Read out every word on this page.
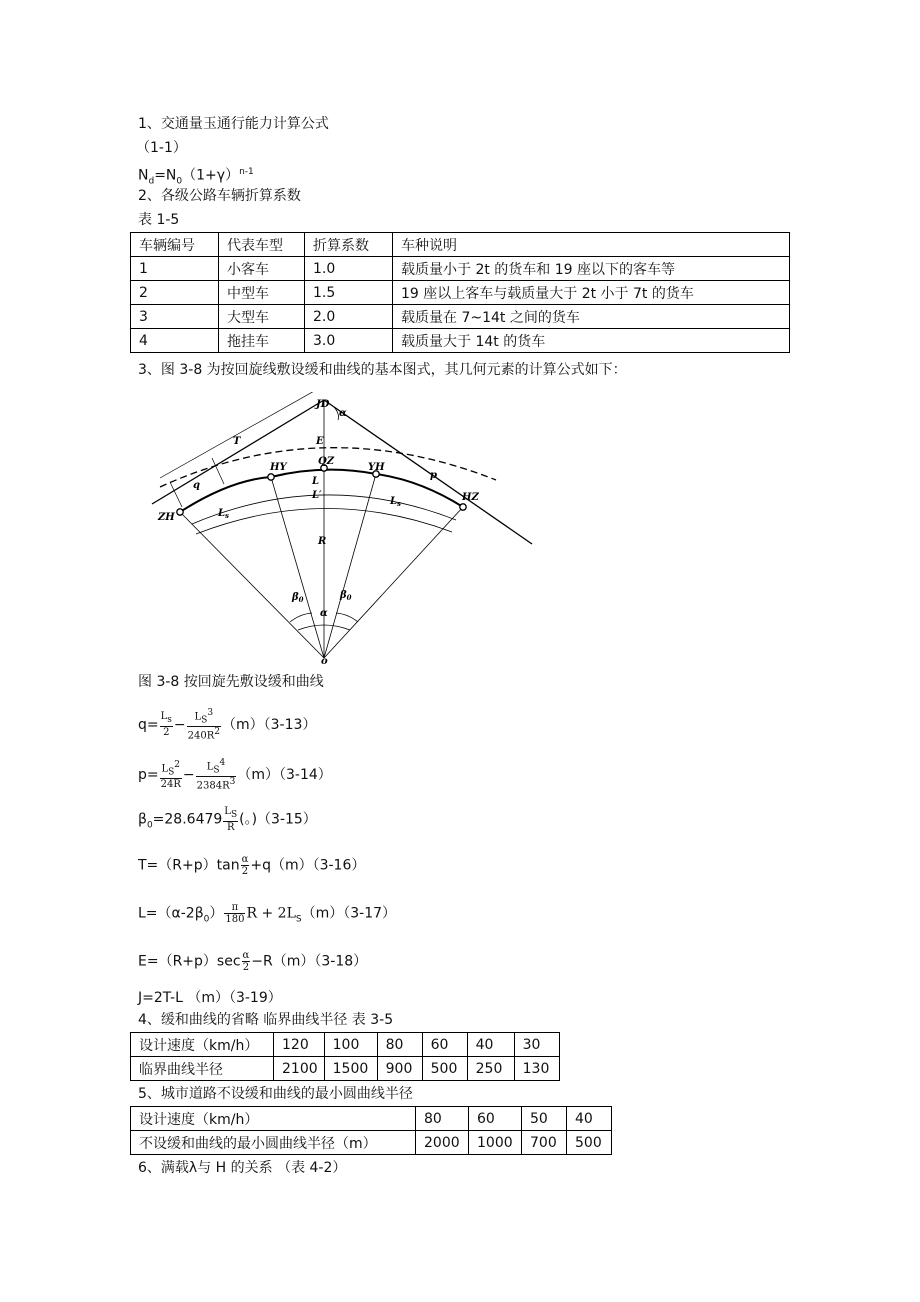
1、交通量玉通行能力计算公式
（1-1）
$N_d=N_0(1+\gamma)^{n-1}$
2、各级公路车辆折算系数
表 1-5
车辆编号	代表车型	折算系数	车种说明
1	小客车	1.0	载质量小于 2t 的货车和 19 座以下的客车等
2	中型车	1.5	19 座以上客车与载质量大于 2t 小于 7t 的货车
3	大型车	2.0	载质量在 7~14t 之间的货车
4	拖挂车	3.0	载质量大于 14t 的货车
3、图 3-8 为按回旋线敷设缓和曲线的基本图式，其几何元素的计算公式如下：
JD
α
T	E
q
HY
QZ
YH
p
ZH
HZ
$L_s$
$L_s$
L
L′
R
$\beta_0$	$\beta_0$
α
o
图 3-8 按回旋先敷设缓和曲线
$q= \frac{L_s}{2} - \frac{L_S^3}{240R^2} (m)(3-13)$
$p= \frac{L_S^2}{24R} - \frac{L_S^4}{2384R^3} (m)(3-14)$
$\beta_0=28.6479 \frac{L_S}{R}$ (。)（3-15）
$T=(R+p)\tan \frac{\alpha}{2} +q(m)(3-16)$
$L=(\alpha-2\beta_0) \frac{\pi}{180}$ $R + 2L_S(m)(3-17)$
$E=(R+p)\sec \frac{\alpha}{2} -R(m)(3-18)$
J=2T-L （m）（3-19）
4、缓和曲线的省略 临界曲线半径 表 3-5
设计速度（km/h）	120	100	80	60	40	30
临界曲线半径	2100	1500	900	500	250	130
5、城市道路不设缓和曲线的最小圆曲线半径
设计速度（km/h）	80	60	50	40
不设缓和曲线的最小圆曲线半径（m）	2000	1000	700	500
6、满载λ与 H 的关系 （表 4-2）
